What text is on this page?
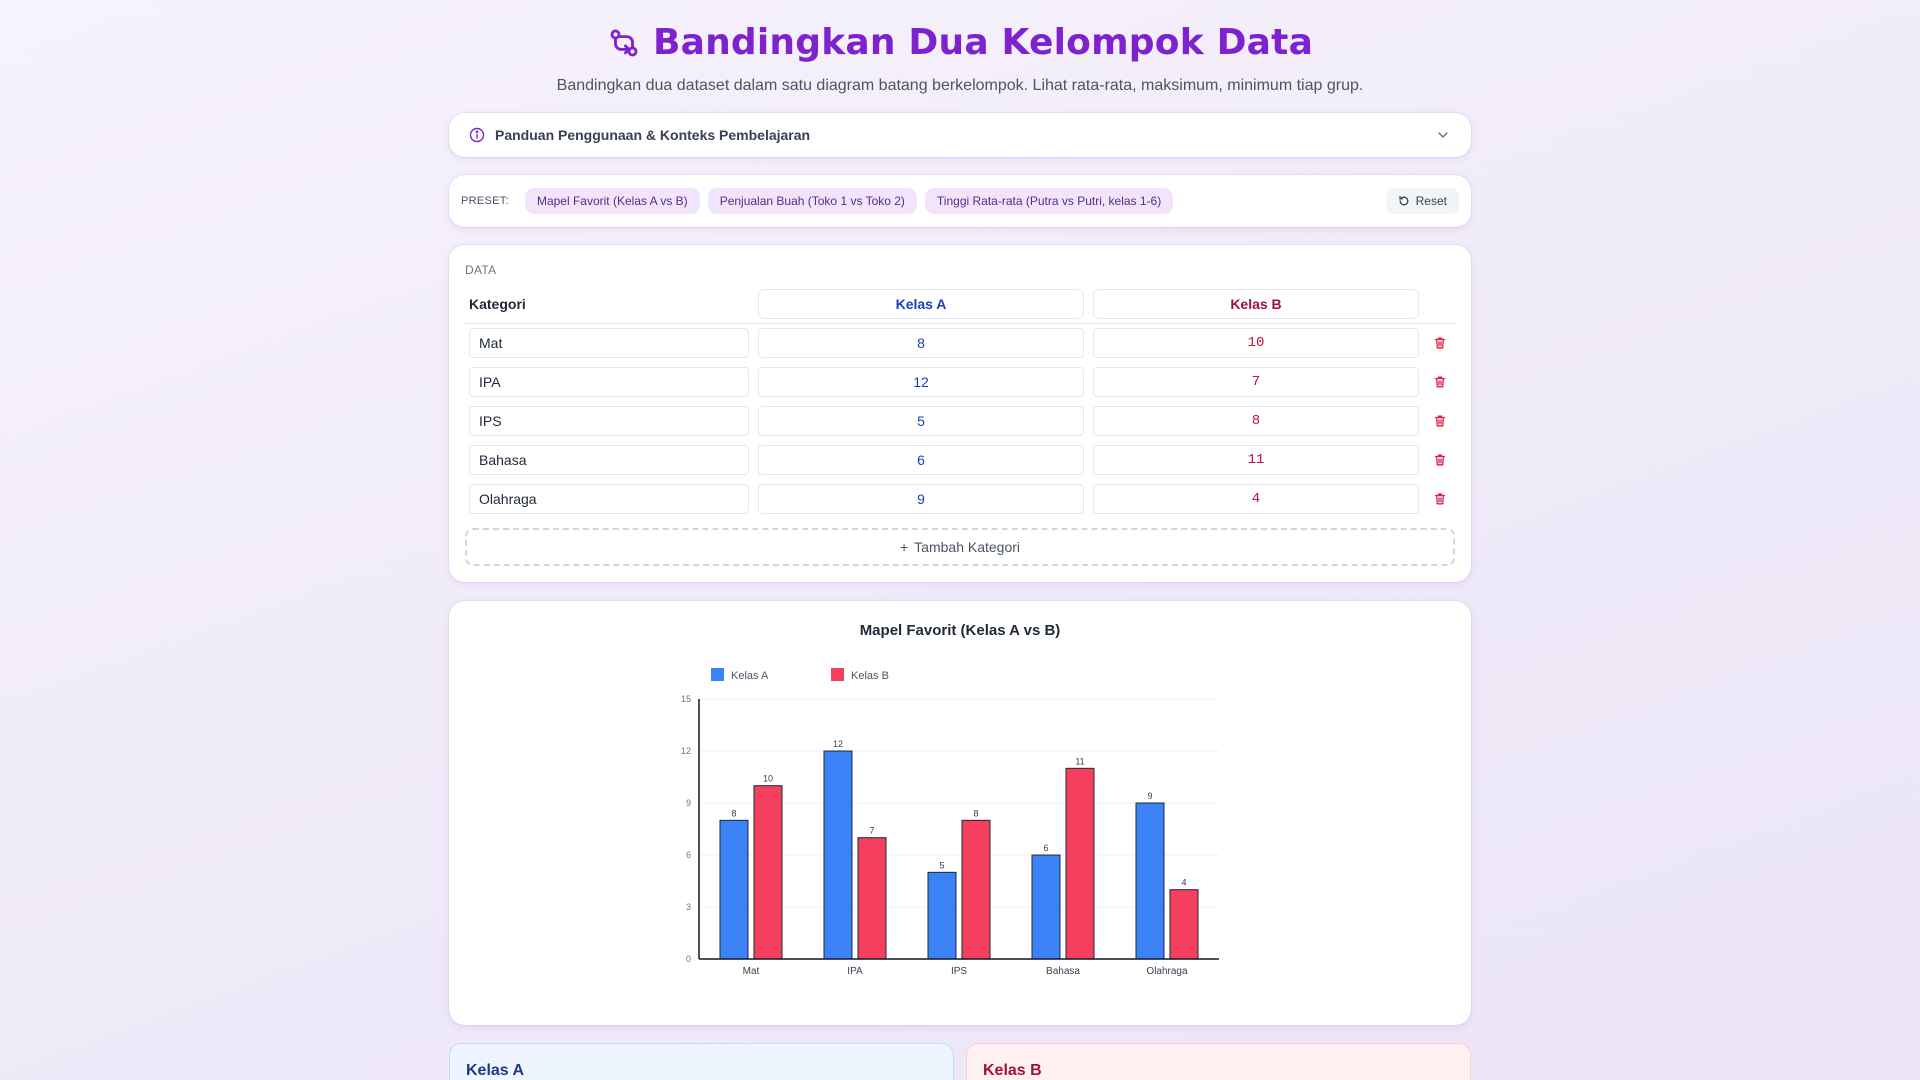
Bandingkan Dua Kelompok Data

Bandingkan dua dataset dalam satu diagram batang berkelompok. Lihat rata-rata, maksimum, minimum tiap grup.

Panduan Penggunaan & Konteks Pembelajaran
PRESET:	Mapel Favorit (Kelas A vs B)	Penjualan Buah (Toko 1 vs Toko 2)	Tinggi Rata-rata (Putra vs Putri, kelas 1-6)	Reset
DATA
Kategori	Kelas A	Kelas B
Mat	8	10
IPA	12	7
IPS	5	8
Bahasa	6	11
Olahraga	9	4
+ Tambah Kategori
Mapel Favorit (Kelas A vs B)
Kelas A	Kelas B
0
3
6
9
12
15
8
10
Mat
12
7
IPA
5
8
IPS
6
11
Bahasa
9
4
Olahraga
Kelas A	Kelas B
